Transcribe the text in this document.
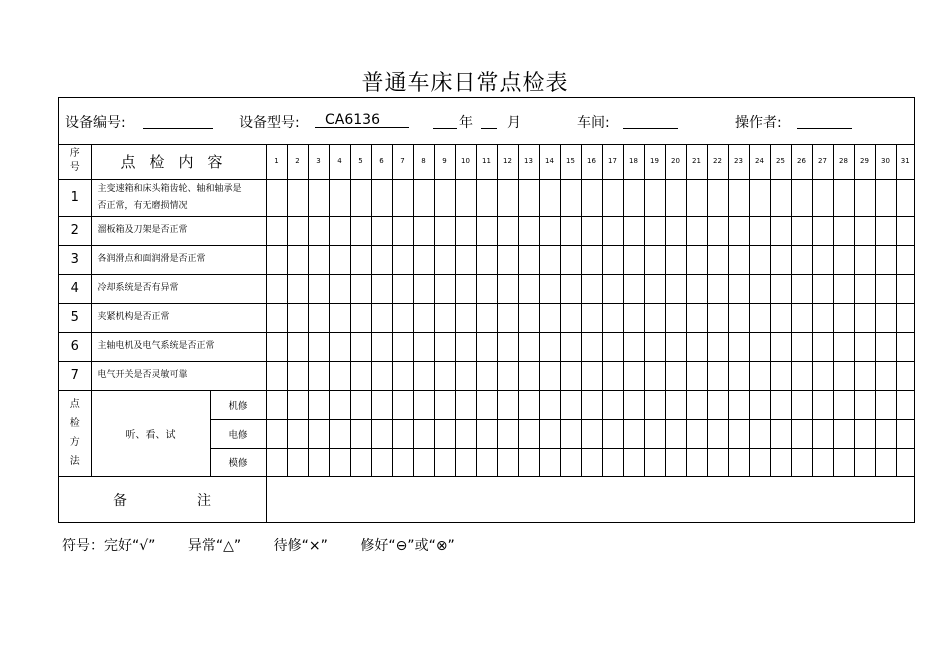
普通车床日常点检表
设备编号:	设备型号:	CA6136	年 月	车间:	操作者:
序号	点检内容		1	2	3	4	5	6	7	8	9	10	11	12	13	14	15	16	17	18	19	20	21	22	23	24	25	26	27	28	29	30	31
1	主变速箱和床头箱齿轮、轴和轴承是
否正常，有无磨损情况																																

2	溜板箱及刀架是否正常																																

3	各润滑点和面润滑是否正常																																

4	冷却系统是否有异常																																

5	夹紧机构是否正常																																

6	主轴电机及电气系统是否正常																																

7	电气开关是否灵敏可靠																																

点
检
方
法	听、看、试	机修																															
		电修																															
		模修																															
备 注																																	
符号：完好“√” 异常“△” 待修“×” 修好“⊖”或“⊗”
